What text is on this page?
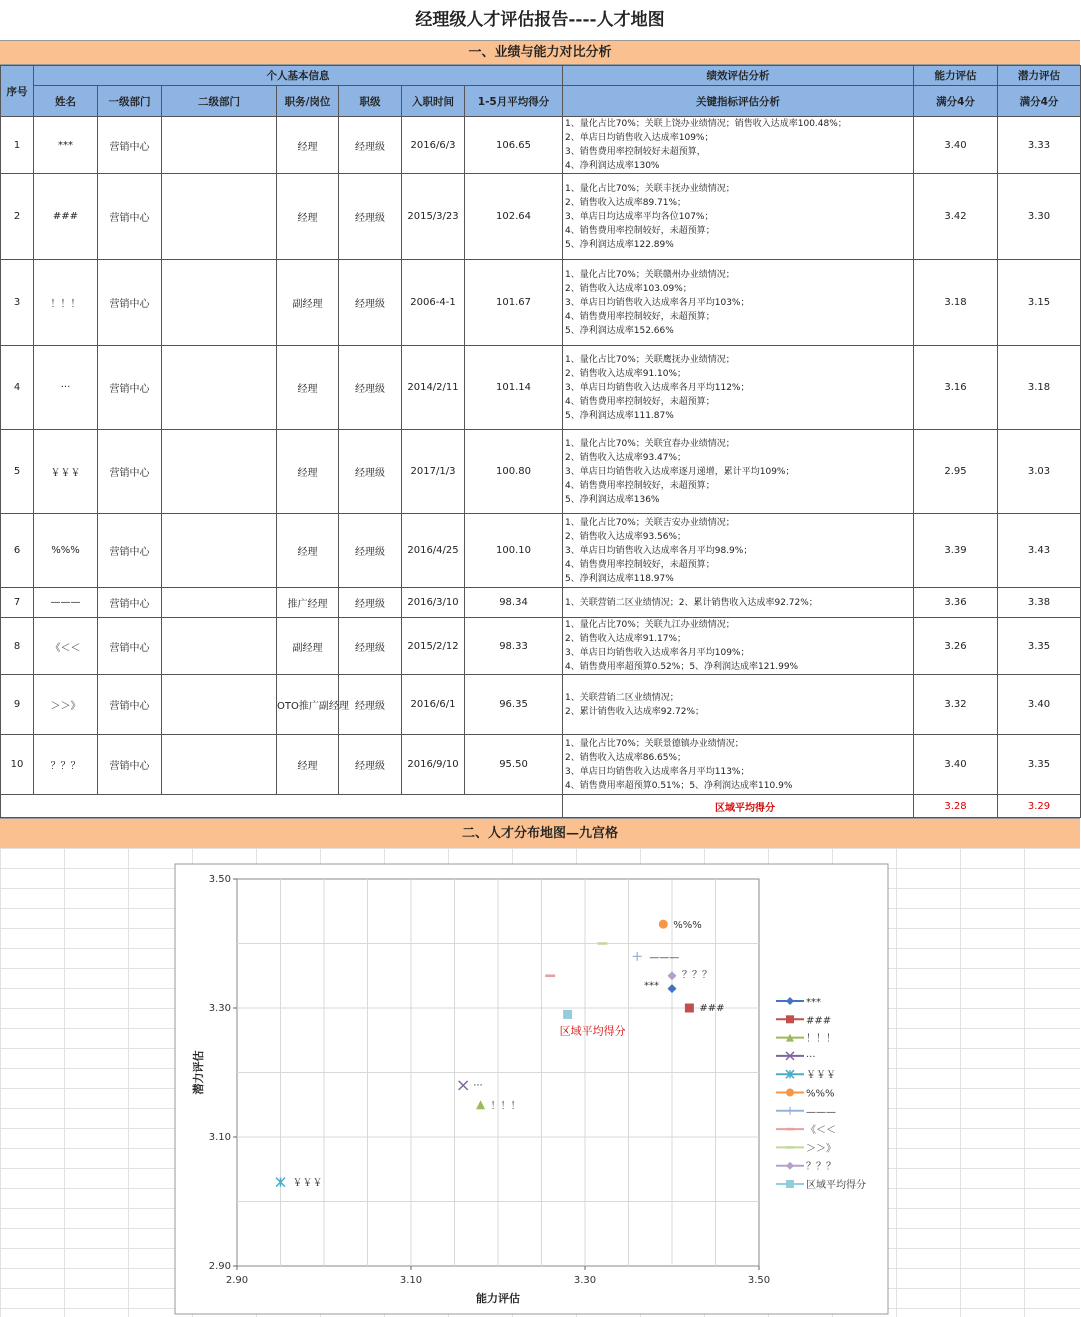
经理级人才评估报告----人才地图
一、业绩与能力对比分析
序号	个人基本信息							绩效评估分析	能力评估	潜力评估
	姓名	一级部门	二级部门	职务/岗位	职级	入职时间	1-5月平均得分	关键指标评估分析	满分4分	满分4分
1	***	营销中心		经理	经理级	2016/6/3	106.65	1、量化占比70%；关联上饶办业绩情况；销售收入达成率100.48%；
2、单店日均销售收入达成率109%；
3、销售费用率控制较好未超预算，
4、净利润达成率130%	3.40	3.33
2	###	营销中心		经理	经理级	2015/3/23	102.64	1、量化占比70%；关联丰抚办业绩情况；
2、销售收入达成率89.71%；
3、单店日均达成率平均各位107%；
4、销售费用率控制较好，未超预算；
5、净利润达成率122.89%	3.42	3.30
3	！！！	营销中心		副经理	经理级	2006-4-1	101.67	1、量化占比70%；关联赣州办业绩情况；
2、销售收入达成率103.09%；
3、单店日均销售收入达成率各月平均103%；
4、销售费用率控制较好，未超预算；
5、净利润达成率152.66%	3.18	3.15
4	···	营销中心		经理	经理级	2014/2/11	101.14	1、量化占比70%；关联鹰抚办业绩情况；
2、销售收入达成率91.10%；
3、单店日均销售收入达成率各月平均112%；
4、销售费用率控制较好，未超预算；
5、净利润达成率111.87%	3.16	3.18
5	￥￥￥	营销中心		经理	经理级	2017/1/3	100.80	1、量化占比70%；关联宜春办业绩情况；
2、销售收入达成率93.47%；
3、单店日均销售收入达成率逐月递增，累计平均109%；
4、销售费用率控制较好，未超预算；
5、净利润达成率136%	2.95	3.03
6	%%%	营销中心		经理	经理级	2016/4/25	100.10	1、量化占比70%；关联吉安办业绩情况；
2、销售收入达成率93.56%；
3、单店日均销售收入达成率各月平均98.9%；
4、销售费用率控制较好，未超预算；
5、净利润达成率118.97%	3.39	3.43
7	———	营销中心		推广经理	经理级	2016/3/10	98.34	1、关联营销二区业绩情况；2、累计销售收入达成率92.72%；	3.36	3.38
8	《＜＜	营销中心		副经理	经理级	2015/2/12	98.33	1、量化占比70%；关联九江办业绩情况；
2、销售收入达成率91.17%；
3、单店日均销售收入达成率各月平均109%；
4、销售费用率超预算0.52%；5、净利润达成率121.99%	3.26	3.35
9	＞＞》	营销中心		OTO推广副经理	经理级	2016/6/1	96.35	1、关联营销二区业绩情况；
2、累计销售收入达成率92.72%；	3.32	3.40
10	？？？	营销中心		经理	经理级	2016/9/10	95.50	1、量化占比70%；关联景德镇办业绩情况；
2、销售收入达成率86.65%；
3、单店日均销售收入达成率各月平均113%；
4、销售费用率超预算0.51%；5、净利润达成率110.9%	3.40	3.35
								区域平均得分	3.28	3.29
二、人才分布地图—九宫格
2.90	3.10	3.30	3.50
2.90
3.10
3.30
3.50
能力评估
潜力评估
***
***
###
###
！！！
！！！
···
···
￥￥￥
￥￥￥
%%%
%%%
———
———
《＜＜
＞＞》
？？？
？？？
区域平均得分
区域平均得分
